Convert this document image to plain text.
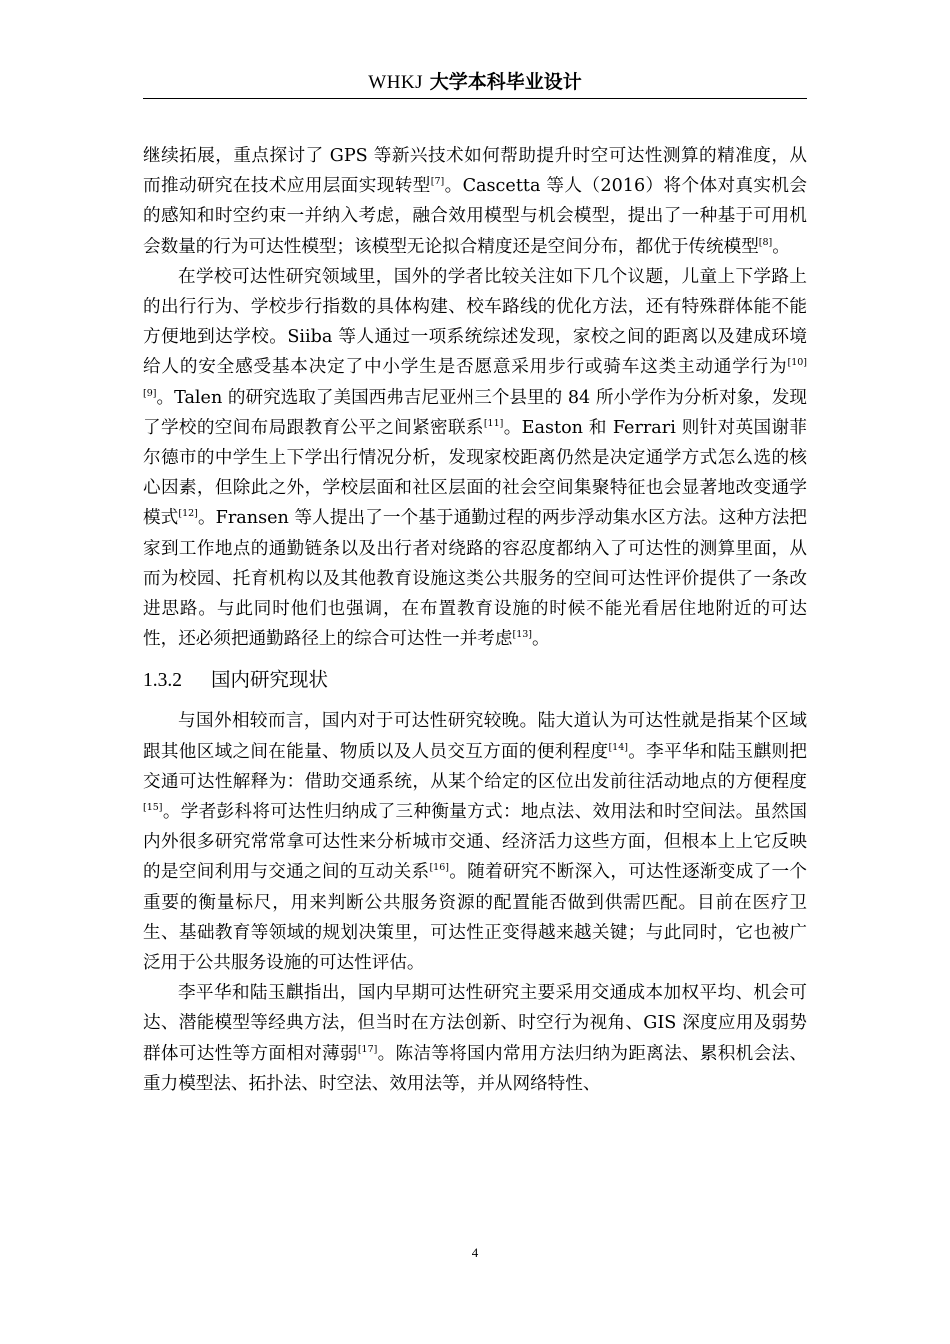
WHKJ 大学本科毕业设计

继续拓展，重点探讨了 GPS 等新兴技术如何帮助提升时空可达性测算的精准度，从而推动研究在技术应用层面实现转型[7]。Cascetta 等人（2016）将个体对真实机会的感知和时空约束一并纳入考虑，融合效用模型与机会模型，提出了一种基于可用机会数量的行为可达性模型；该模型无论拟合精度还是空间分布，都优于传统模型[8]。

在学校可达性研究领域里，国外的学者比较关注如下几个议题，儿童上下学路上的出行行为、学校步行指数的具体构建、校车路线的优化方法，还有特殊群体能不能方便地到达学校。Siiba 等人通过一项系统综述发现，家校之间的距离以及建成环境给人的安全感受基本决定了中小学生是否愿意采用步行或骑车这类主动通学行为[10][9]。Talen 的研究选取了美国西弗吉尼亚州三个县里的 84 所小学作为分析对象，发现了学校的空间布局跟教育公平之间紧密联系[11]。Easton 和 Ferrari 则针对英国谢菲尔德市的中学生上下学出行情况分析，发现家校距离仍然是决定通学方式怎么选的核心因素，但除此之外，学校层面和社区层面的社会空间集聚特征也会显著地改变通学模式[12]。Fransen 等人提出了一个基于通勤过程的两步浮动集水区方法。这种方法把家到工作地点的通勤链条以及出行者对绕路的容忍度都纳入了可达性的测算里面，从而为校园、托育机构以及其他教育设施这类公共服务的空间可达性评价提供了一条改进思路。与此同时他们也强调，在布置教育设施的时候不能光看居住地附近的可达性，还必须把通勤路径上的综合可达性一并考虑[13]。

1.3.2 国内研究现状

与国外相较而言，国内对于可达性研究较晚。陆大道认为可达性就是指某个区域跟其他区域之间在能量、物质以及人员交互方面的便利程度[14]。李平华和陆玉麒则把交通可达性解释为：借助交通系统，从某个给定的区位出发前往活动地点的方便程度[15]。学者彭科将可达性归纳成了三种衡量方式：地点法、效用法和时空间法。虽然国内外很多研究常常拿可达性来分析城市交通、经济活力这些方面，但根本上上它反映的是空间利用与交通之间的互动关系[16]。随着研究不断深入，可达性逐渐变成了一个重要的衡量标尺，用来判断公共服务资源的配置能否做到供需匹配。目前在医疗卫生、基础教育等领域的规划决策里，可达性正变得越来越关键；与此同时，它也被广泛用于公共服务设施的可达性评估。

李平华和陆玉麒指出，国内早期可达性研究主要采用交通成本加权平均、机会可达、潜能模型等经典方法，但当时在方法创新、时空行为视角、GIS 深度应用及弱势群体可达性等方面相对薄弱[17]。陈洁等将国内常用方法归纳为距离法、累积机会法、重力模型法、拓扑法、时空法、效用法等，并从网络特性、

4
